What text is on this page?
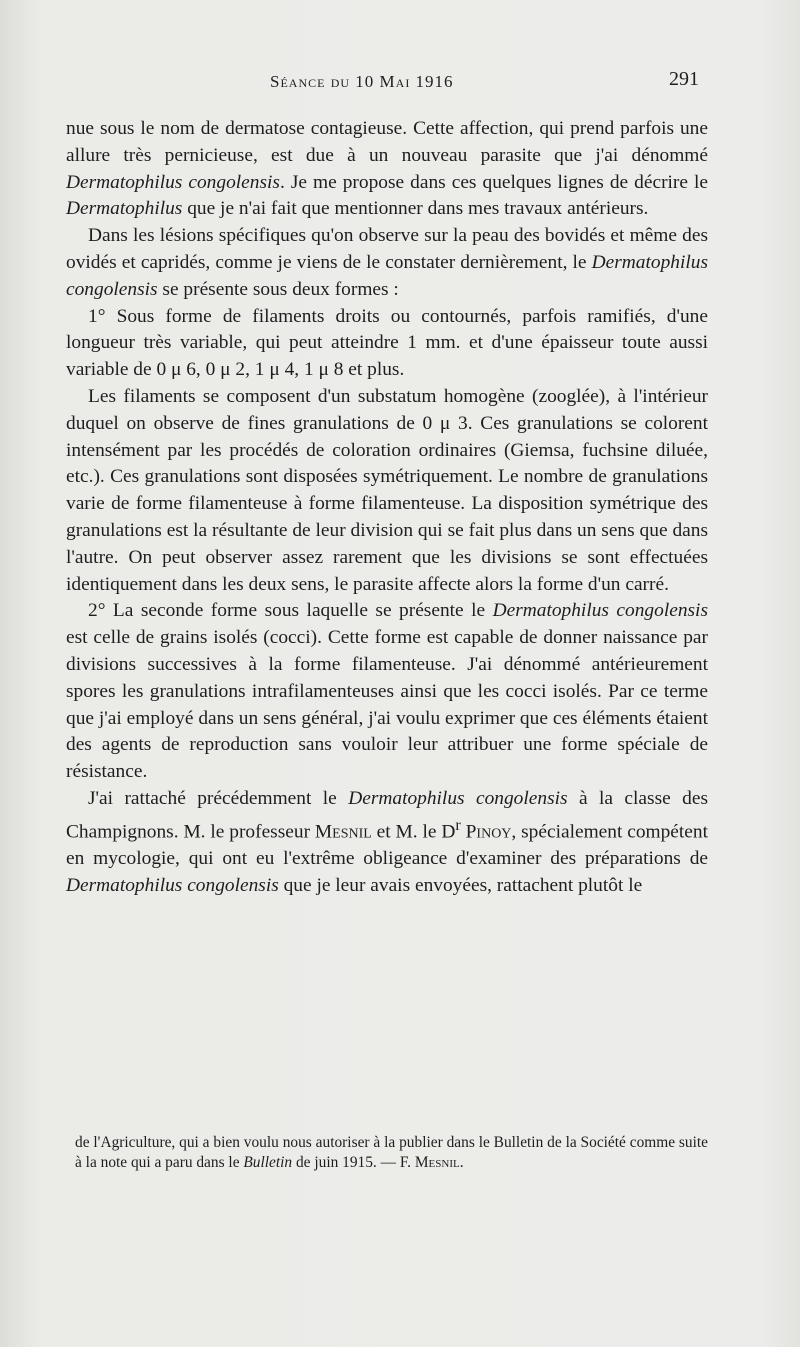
Séance du 10 Mai 1916	291

nue sous le nom de dermatose contagieuse. Cette affection, qui prend parfois une allure très pernicieuse, est due à un nouveau parasite que j'ai dénommé Dermatophilus congolensis. Je me propose dans ces quelques lignes de décrire le Dermatophilus que je n'ai fait que mentionner dans mes travaux antérieurs.

Dans les lésions spécifiques qu'on observe sur la peau des bovidés et même des ovidés et capridés, comme je viens de le constater dernièrement, le Dermatophilus congolensis se présente sous deux formes :

1° Sous forme de filaments droits ou contournés, parfois ramifiés, d'une longueur très variable, qui peut atteindre 1 mm. et d'une épaisseur toute aussi variable de 0 μ 6, 0 μ 2, 1 μ 4, 1 μ 8 et plus.

Les filaments se composent d'un substatum homogène (zooglée), à l'intérieur duquel on observe de fines granulations de 0 μ 3. Ces granulations se colorent intensément par les procédés de coloration ordinaires (Giemsa, fuchsine diluée, etc.). Ces granulations sont disposées symétriquement. Le nombre de granulations varie de forme filamenteuse à forme filamenteuse. La disposition symétrique des granulations est la résultante de leur division qui se fait plus dans un sens que dans l'autre. On peut observer assez rarement que les divisions se sont effectuées identiquement dans les deux sens, le parasite affecte alors la forme d'un carré.

2° La seconde forme sous laquelle se présente le Dermatophilus congolensis est celle de grains isolés (cocci). Cette forme est capable de donner naissance par divisions successives à la forme filamenteuse. J'ai dénommé antérieurement spores les granulations intrafilamenteuses ainsi que les cocci isolés. Par ce terme que j'ai employé dans un sens général, j'ai voulu exprimer que ces éléments étaient des agents de reproduction sans vouloir leur attribuer une forme spéciale de résistance.

J'ai rattaché précédemment le Dermatophilus congolensis à la classe des Champignons. M. le professeur Mesnil et M. le $D^r$ Pinoy, spécialement compétent en mycologie, qui ont eu l'extrême obligeance d'examiner des préparations de Dermatophilus congolensis que je leur avais envoyées, rattachent plutôt le

de l'Agriculture, qui a bien voulu nous autoriser à la publier dans le Bulletin de la Société comme suite à la note qui a paru dans le Bulletin de juin 1915. — F. Mesnil.
